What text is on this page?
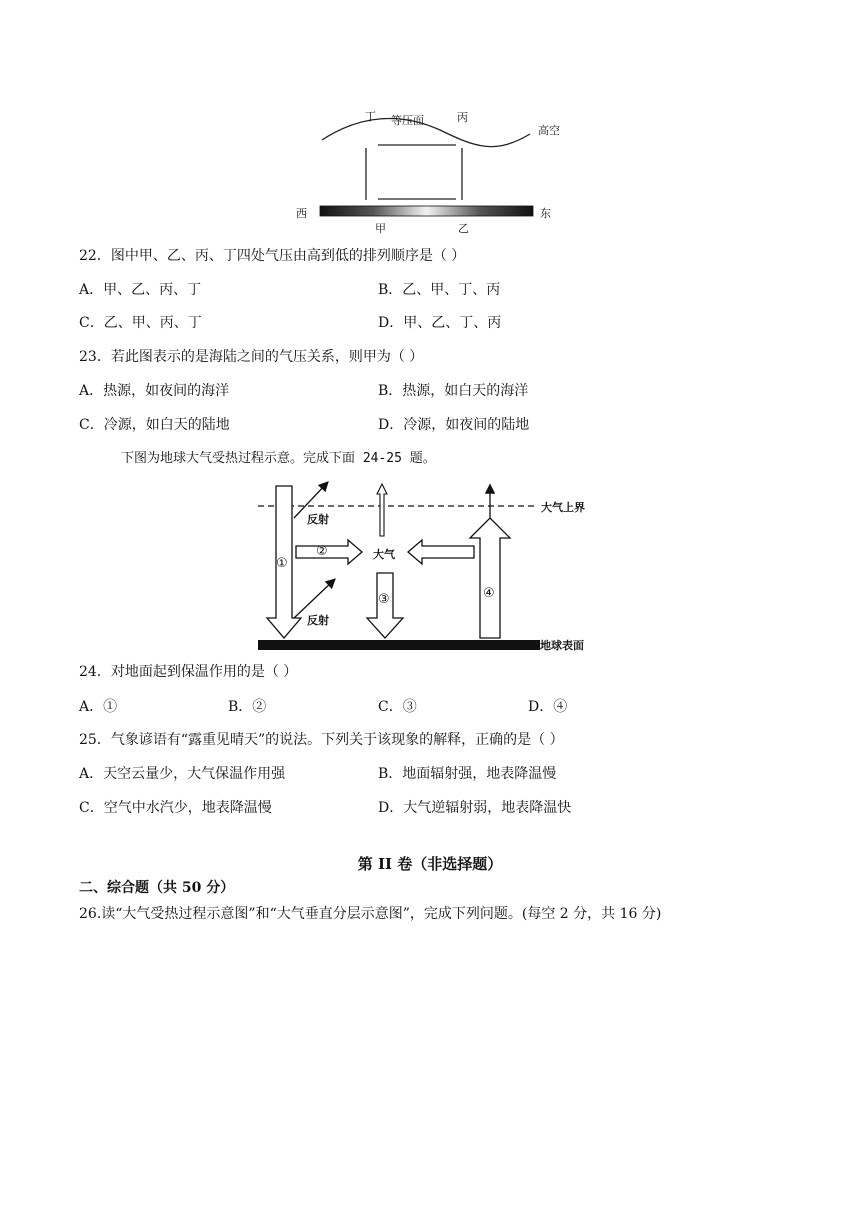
丁 等压面	丙
高空
西	东
甲	乙
22．图中甲、乙、丙、丁四处气压由高到低的排列顺序是（ ）
A．甲、乙、丙、丁	B．乙、甲、丁、丙
C．乙、甲、丙、丁	D．甲、乙、丁、丙
23．若此图表示的是海陆之间的气压关系，则甲为（ ）
A．热源，如夜间的海洋	B．热源，如白天的海洋
C．冷源，如白天的陆地	D．冷源，如夜间的陆地
下图为地球大气受热过程示意。完成下面 24-25 题。
大气上界
反射
反射
大气
地球表面
①
②
③	④
24．对地面起到保温作用的是（ ）
A．①	B．②	C．③	D．④
25．气象谚语有“露重见晴天”的说法。下列关于该现象的解释，正确的是（ ）
A．天空云量少，大气保温作用强	B．地面辐射强，地表降温慢
C．空气中水汽少，地表降温慢	D．大气逆辐射弱，地表降温快
第 II 卷（非选择题）
二、综合题（共 50 分）
26.读“大气受热过程示意图”和“大气垂直分层示意图”，完成下列问题。(每空 2 分，共 16 分)
